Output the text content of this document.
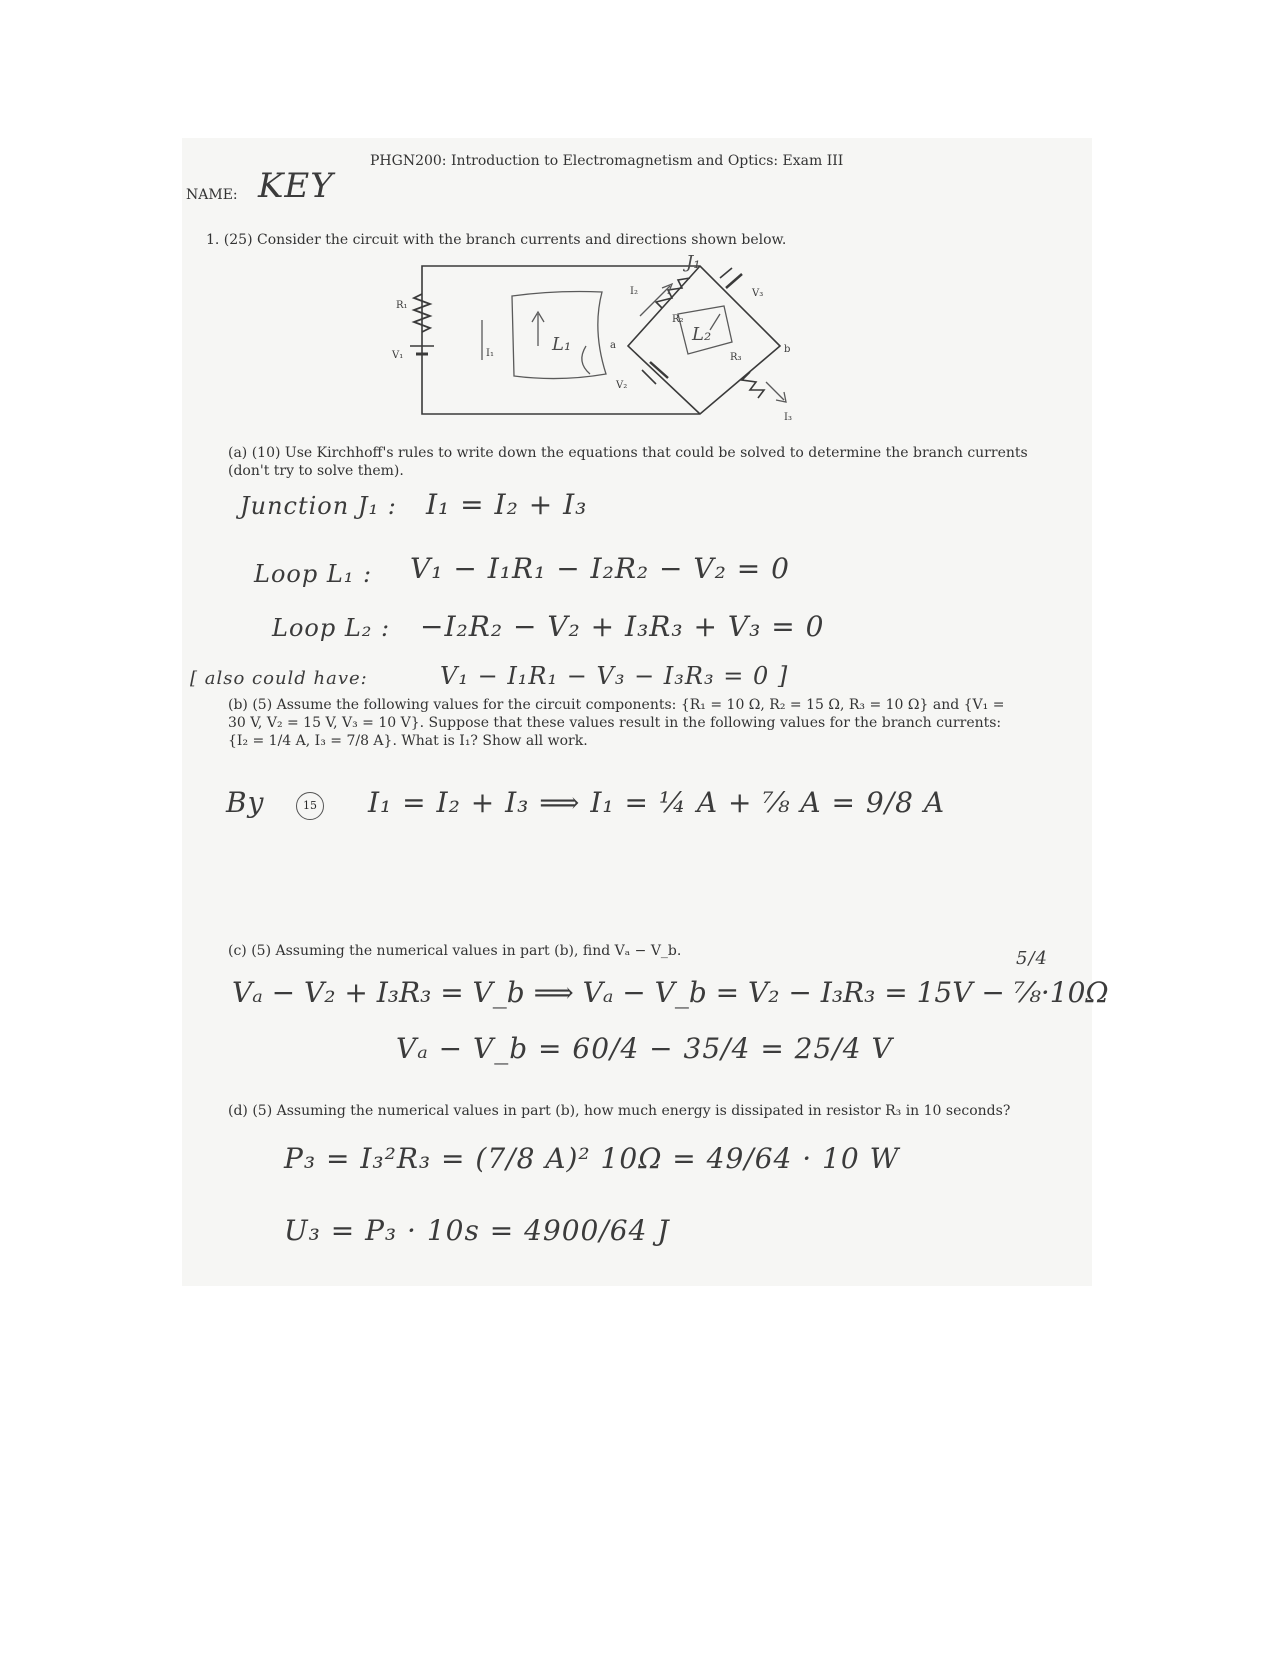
PHGN200: Introduction to Electromagnetism and Optics: Exam III
NAME: KEY
1. (25) Consider the circuit with the branch currents and directions shown below.
R₁
V₁	I₁
a	b
I₂
R₂
V₃
R₃
V₂
I₃
L₁	L₂
J₁
(a) (10) Use Kirchhoff's rules to write down the equations that could be solved to determine the branch currents (don't try to solve them).
Junction J₁ : I₁ = I₂ + I₃
Loop L₁ : V₁ − I₁R₁ − I₂R₂ − V₂ = 0
Loop L₂ : −I₂R₂ − V₂ + I₃R₃ + V₃ = 0
[ also could have:	V₁ − I₁R₁ − V₃ − I₃R₃ = 0 ]
(b) (5) Assume the following values for the circuit components: {R₁ = 10 Ω, R₂ = 15 Ω, R₃ = 10 Ω} and {V₁ =
30 V, V₂ = 15 V, V₃ = 10 V}. Suppose that these values result in the following values for the branch currents:
{I₂ = 1/4 A, I₃ = 7/8 A}. What is I₁? Show all work.
By	15 I₁ = I₂ + I₃ ⟹ I₁ = ¼ A + ⅞ A = 9/8 A
(c) (5) Assuming the numerical values in part (b), find Vₐ − V_b.
Vₐ − V₂ + I₃R₃ = V_b ⟹ Vₐ − V_b = V₂ − I₃R₃ = 15V − ⅞·10Ω
5/4
Vₐ − V_b = 60/4 − 35/4 = 25/4 V
(d) (5) Assuming the numerical values in part (b), how much energy is dissipated in resistor R₃ in 10 seconds?
P₃ = I₃²R₃ = (7/8 A)² 10Ω = 49/64 · 10 W
U₃ = P₃ · 10s = 4900/64 J
